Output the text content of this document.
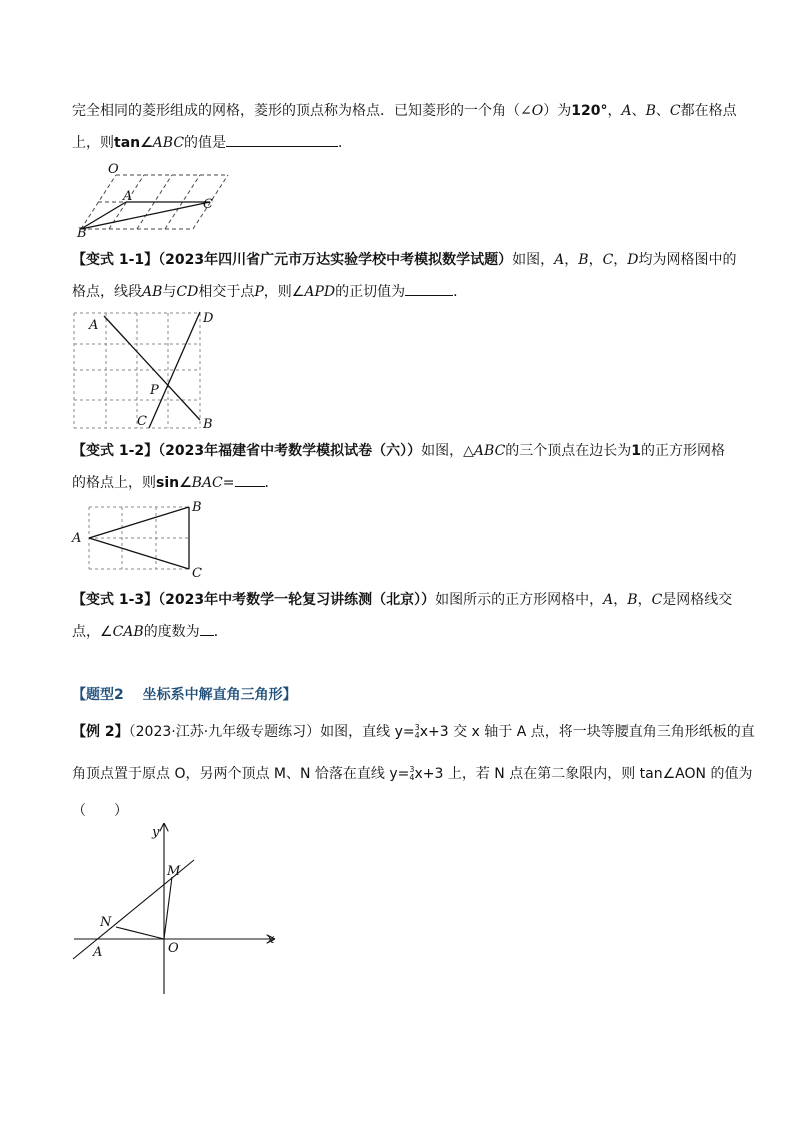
完全相同的菱形组成的网格，菱形的顶点称为格点．已知菱形的一个角（∠O）为120°，A、B、C都在格点
上，则tan∠ABC的值是	．
O
A
B
C
【变式 1-1】（2023年四川省广元市万达实验学校中考模拟数学试题）如图，A，B，C，D均为网格图中的
格点，线段AB与CD相交于点P，则∠APD的正切值为	．
A
B
C
D
P
【变式 1-2】（2023年福建省中考数学模拟试卷（六））如图，△ABC的三个顶点在边长为1的正方形网格
的格点上，则sin∠BAC= ．
A
B
C
【变式 1-3】（2023年中考数学一轮复习讲练测（北京））如图所示的正方形网格中，A，B，C是网格线交
点，∠CAB的度数为 ．
【题型2　 坐标系中解直角三角形】
【例 2】（2023·江苏·九年级专题练习）如图，直线 y= 3
4 x+3 交 x 轴于 A 点，将一块等腰直角三角形纸板的直
角顶点置于原点 O，另两个顶点 M、N 恰落在直线 y= 3
4 x+3 上，若 N 点在第二象限内，则 tan∠AON 的值为
（　　）
y
x
M
N
A	O
